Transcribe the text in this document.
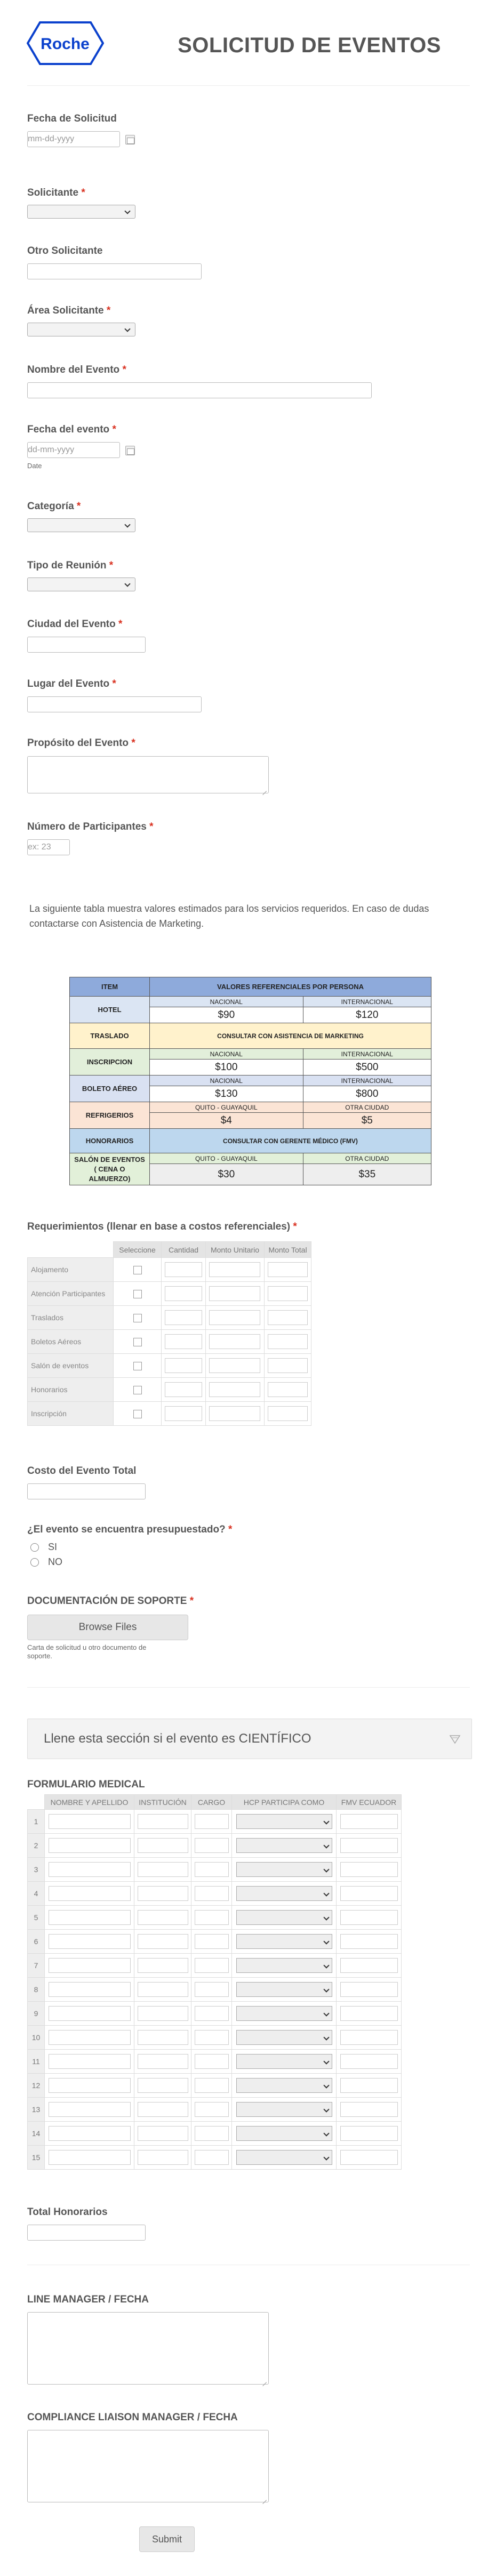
Roche	SOLICITUD DE EVENTOS
Fecha de Solicitud
mm-dd-yyyy
Solicitante *
Otro Solicitante
Área Solicitante *
Nombre del Evento *
Fecha del evento *
dd-mm-yyyy
Date
Categoría *
Tipo de Reunión *
Ciudad del Evento *
Lugar del Evento *
Propósito del Evento *
Número de Participantes *
ex: 23
La siguiente tabla muestra valores estimados para los servicios requeridos. En caso de dudas contactarse con Asistencia de Marketing.
ITEM	VALORES REFERENCIALES POR PERSONA	
HOTEL	NACIONAL	INTERNACIONAL
	$90	$120
TRASLADO	CONSULTAR CON ASISTENCIA DE MARKETING	
INSCRIPCION	NACIONAL	INTERNACIONAL
	$100	$500
BOLETO AÉREO	NACIONAL	INTERNACIONAL
	$130	$800
REFRIGERIOS	QUITO - GUAYAQUIL	OTRA CIUDAD
	$4	$5
HONORARIOS	CONSULTAR CON GERENTE MÉDICO (FMV)	
SALÓN DE EVENTOS
( CENA O
ALMUERZO)	QUITO - GUAYAQUIL	OTRA CIUDAD
	$30	$35
Requerimientos (llenar en base a costos referenciales) *
	Seleccione	Cantidad	Monto Unitario	Monto Total
Alojamento		

Atención Participantes		

Traslados		

Boletos Aéreos		

Salón de eventos		

Honorarios		

Inscripción		

Costo del Evento Total
¿El evento se encuentra presupuestado? *
SI
NO
DOCUMENTACIÓN DE SOPORTE *
Browse Files
Carta de solicitud u otro documento de
soporte.
Llene esta sección si el evento es CIENTÍFICO
FORMULARIO MEDICAL
	NOMBRE Y APELLIDO	INSTITUCIÓN	CARGO	HCP PARTICIPA COMO	FMV ECUADOR
1	

2	

3	

4	

5	

6	

7	

8	

9	

10	

11	

12	

13	

14	

15	

Total Honorarios
LINE MANAGER / FECHA
COMPLIANCE LIAISON MANAGER / FECHA
Submit
